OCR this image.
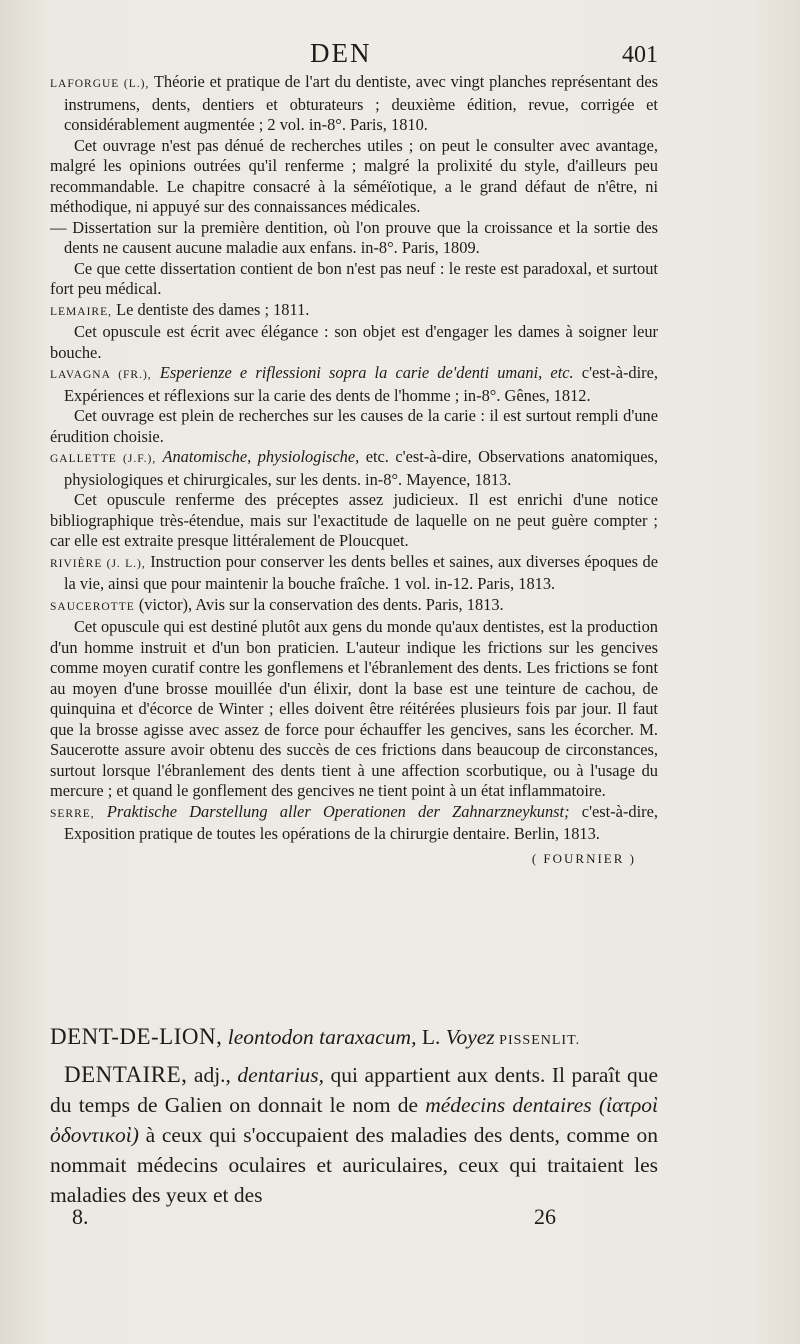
DEN	401

LAFORGUE (L.), Théorie et pratique de l'art du dentiste, avec vingt planches représentant des instrumens, dents, dentiers et obturateurs ; deuxième édition, revue, corrigée et considérablement augmentée ; 2 vol. in-8°. Paris, 1810.

Cet ouvrage n'est pas dénué de recherches utiles ; on peut le consulter avec avantage, malgré les opinions outrées qu'il renferme ; malgré la prolixité du style, d'ailleurs peu recommandable. Le chapitre consacré à la séméïotique, a le grand défaut de n'être, ni méthodique, ni appuyé sur des connaissances médicales.

— Dissertation sur la première dentition, où l'on prouve que la croissance et la sortie des dents ne causent aucune maladie aux enfans. in-8°. Paris, 1809.

Ce que cette dissertation contient de bon n'est pas neuf : le reste est paradoxal, et surtout fort peu médical.

LEMAIRE, Le dentiste des dames ; 1811.

Cet opuscule est écrit avec élégance : son objet est d'engager les dames à soigner leur bouche.

LAVAGNA (FR.), Esperienze e riflessioni sopra la carie de'denti umani, etc. c'est-à-dire, Expériences et réflexions sur la carie des dents de l'homme ; in-8°. Gênes, 1812.

Cet ouvrage est plein de recherches sur les causes de la carie : il est surtout rempli d'une érudition choisie.

GALLETTE (J.F.), Anatomische, physiologische, etc. c'est-à-dire, Observations anatomiques, physiologiques et chirurgicales, sur les dents. in-8°. Mayence, 1813.

Cet opuscule renferme des préceptes assez judicieux. Il est enrichi d'une notice bibliographique très-étendue, mais sur l'exactitude de laquelle on ne peut guère compter ; car elle est extraite presque littéralement de Ploucquet.

RIVIÈRE (J. L.), Instruction pour conserver les dents belles et saines, aux diverses époques de la vie, ainsi que pour maintenir la bouche fraîche. 1 vol. in-12. Paris, 1813.

SAUCEROTTE (victor), Avis sur la conservation des dents. Paris, 1813.

Cet opuscule qui est destiné plutôt aux gens du monde qu'aux dentistes, est la production d'un homme instruit et d'un bon praticien. L'auteur indique les frictions sur les gencives comme moyen curatif contre les gonflemens et l'ébranlement des dents. Les frictions se font au moyen d'une brosse mouillée d'un élixir, dont la base est une teinture de cachou, de quinquina et d'écorce de Winter ; elles doivent être réitérées plusieurs fois par jour. Il faut que la brosse agisse avec assez de force pour échauffer les gencives, sans les écorcher. M. Saucerotte assure avoir obtenu des succès de ces frictions dans beaucoup de circonstances, surtout lorsque l'ébranlement des dents tient à une affection scorbutique, ou à l'usage du mercure ; et quand le gonflement des gencives ne tient point à un état inflammatoire.

SERRE, Praktische Darstellung aller Operationen der Zahnarzneykunst; c'est-à-dire, Exposition pratique de toutes les opérations de la chirurgie dentaire. Berlin, 1813.

( FOURNIER )

DENT-DE-LION, leontodon taraxacum, L. Voyez PISSENLIT.

DENTAIRE, adj., dentarius, qui appartient aux dents. Il paraît que du temps de Galien on donnait le nom de médecins dentaires (ἰατροὶ ὀδοντικοὶ) à ceux qui s'occupaient des maladies des dents, comme on nommait médecins oculaires et auriculaires, ceux qui traitaient les maladies des yeux et des

8.	26
